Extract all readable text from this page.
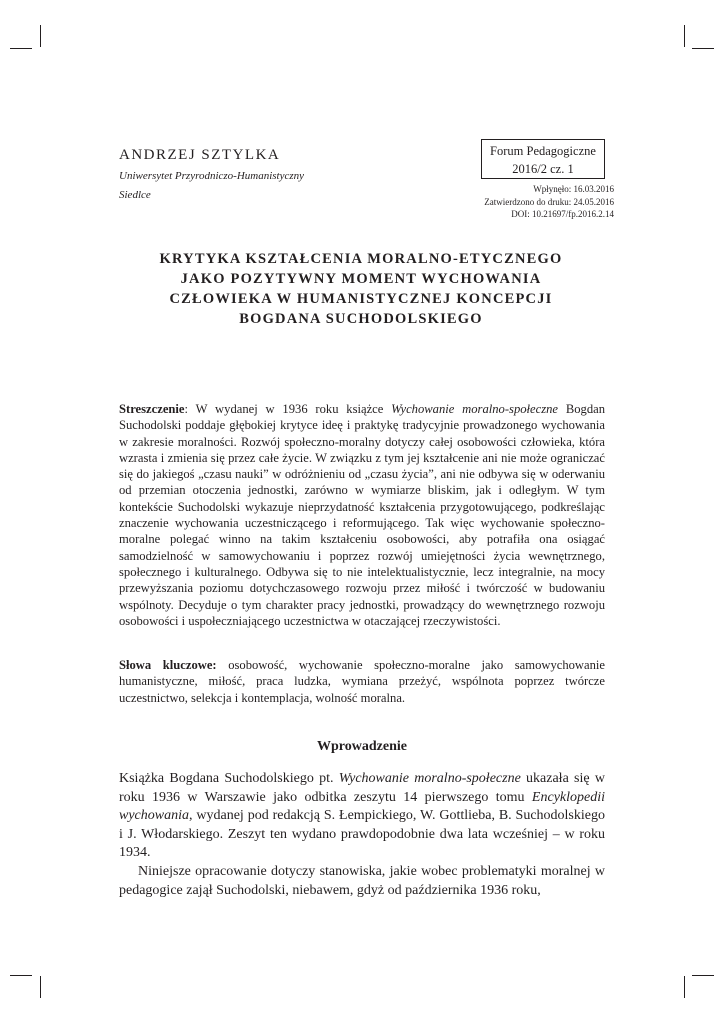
ANDRZEJ SZTYLKA
Uniwersytet Przyrodniczo-Humanistyczny
Siedlce
Forum Pedagogiczne
2016/2 cz. 1
Wpłynęło: 16.03.2016
Zatwierdzono do druku: 24.05.2016
DOI: 10.21697/fp.2016.2.14
KRYTYKA KSZTAŁCENIA MORALNO-ETYCZNEGO
JAKO POZYTYWNY MOMENT WYCHOWANIA
CZŁOWIEKA W HUMANISTYCZNEJ KONCEPCJI
BOGDANA SUCHODOLSKIEGO

Streszczenie: W wydanej w 1936 roku książce Wychowanie moralno-społeczne Bogdan Suchodolski poddaje głębokiej krytyce ideę i praktykę tradycyjnie prowadzonego wychowania w zakresie moralności. Rozwój społeczno-moralny dotyczy całej osobowości człowieka, która wzrasta i zmienia się przez całe życie. W związku z tym jej kształcenie ani nie może ograniczać się do jakiegoś „czasu nauki” w odróżnieniu od „czasu życia”, ani nie odbywa się w oderwaniu od przemian otoczenia jednostki, zarówno w wymiarze bliskim, jak i odległym. W tym kontekście Suchodolski wykazuje nieprzydatność kształcenia przygotowującego, podkreślając znaczenie wychowania uczestniczącego i reformującego. Tak więc wychowanie społeczno-moralne polegać winno na takim kształceniu osobowości, aby potrafiła ona osiągać samodzielność w samowychowaniu i poprzez rozwój umiejętności życia wewnętrznego, społecznego i kulturalnego. Odbywa się to nie intelektualistycznie, lecz integralnie, na mocy przewyższania poziomu dotychczasowego rozwoju przez miłość i twórczość w budowaniu wspólnoty. Decyduje o tym charakter pracy jednostki, prowadzący do wewnętrznego rozwoju osobowości i uspołeczniającego uczestnictwa w otaczającej rzeczywistości.

Słowa kluczowe: osobowość, wychowanie społeczno-moralne jako samowychowanie humanistyczne, miłość, praca ludzka, wymiana przeżyć, wspólnota poprzez twórcze uczestnictwo, selekcja i kontemplacja, wolność moralna.

Wprowadzenie

Książka Bogdana Suchodolskiego pt. Wychowanie moralno-społeczne ukazała się w roku 1936 w Warszawie jako odbitka zeszytu 14 pierwszego tomu Encyklopedii wychowania, wydanej pod redakcją S. Łempickiego, W. Gottlieba, B. Suchodolskiego i J. Włodarskiego. Zeszyt ten wydano prawdopodobnie dwa lata wcześniej – w roku 1934.

Niniejsze opracowanie dotyczy stanowiska, jakie wobec problematyki moralnej w pedagogice zajął Suchodolski, niebawem, gdyż od października 1936 roku,
